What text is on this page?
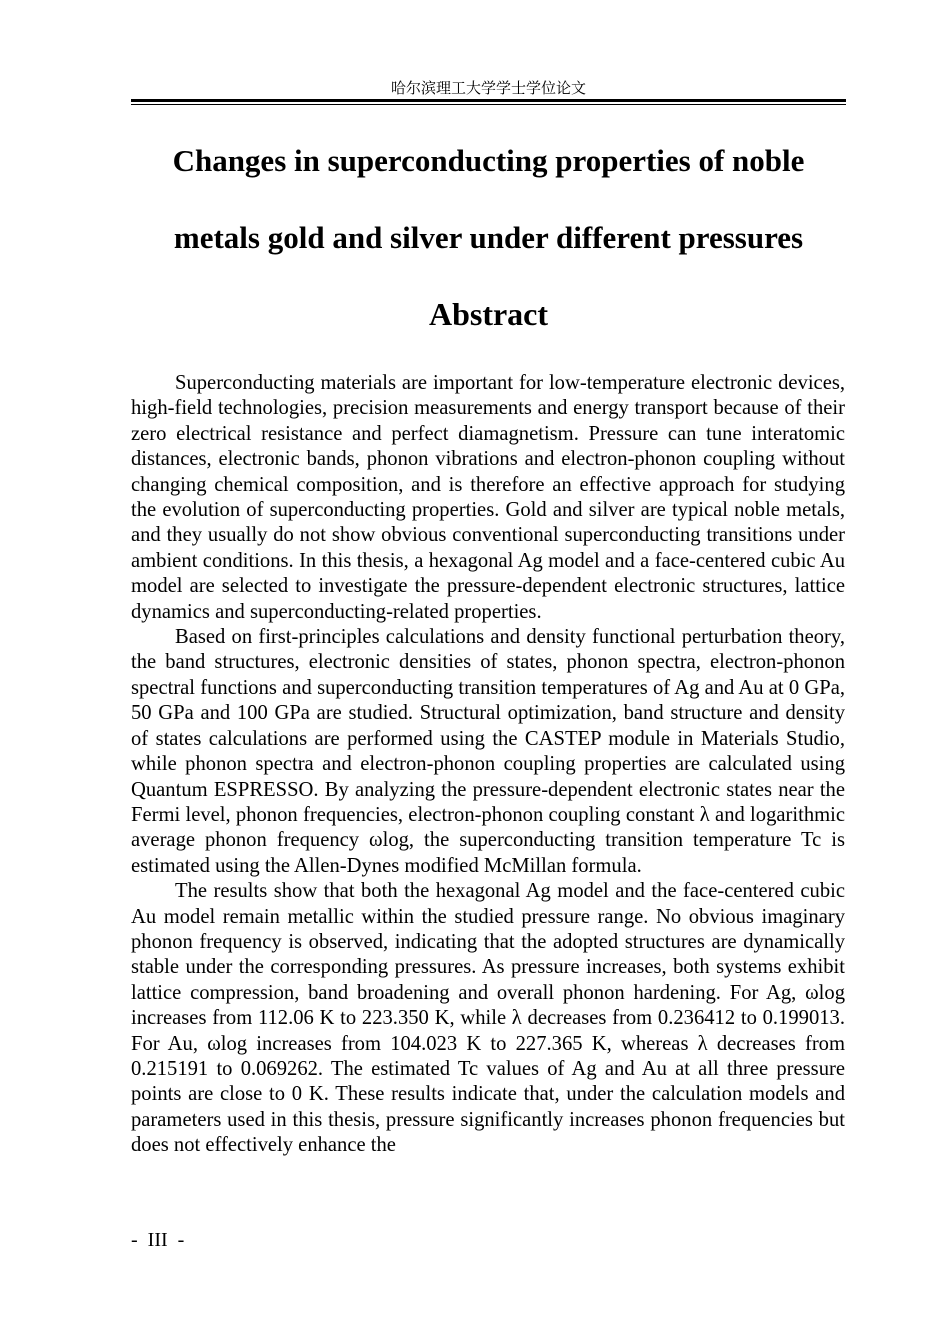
哈尔滨理工大学学士学位论文
Changes in superconducting properties of noble
metals gold and silver under different pressures
Abstract

Superconducting materials are important for low-temperature electronic devices, high-field technologies, precision measurements and energy transport because of their zero electrical resistance and perfect diamagnetism. Pressure can tune interatomic distances, electronic bands, phonon vibrations and electron-phonon coupling without changing chemical composition, and is therefore an effective approach for studying the evolution of superconducting properties. Gold and silver are typical noble metals, and they usually do not show obvious conventional superconducting transitions under ambient conditions. In this thesis, a hexagonal Ag model and a face-centered cubic Au model are selected to investigate the pressure-dependent electronic structures, lattice dynamics and superconducting-related properties.

Based on first-principles calculations and density functional perturbation theory, the band structures, electronic densities of states, phonon spectra, electron-phonon spectral functions and superconducting transition temperatures of Ag and Au at 0 GPa, 50 GPa and 100 GPa are studied. Structural optimization, band structure and density of states calculations are performed using the CASTEP module in Materials Studio, while phonon spectra and electron-phonon coupling properties are calculated using Quantum ESPRESSO. By analyzing the pressure-dependent electronic states near the Fermi level, phonon frequencies, electron-phonon coupling constant λ and logarithmic average phonon frequency ωlog, the superconducting transition temperature Tc is estimated using the Allen-Dynes modified McMillan formula.

The results show that both the hexagonal Ag model and the face-centered cubic Au model remain metallic within the studied pressure range. No obvious imaginary phonon frequency is observed, indicating that the adopted structures are dynamically stable under the corresponding pressures. As pressure increases, both systems exhibit lattice compression, band broadening and overall phonon hardening. For Ag, ωlog increases from 112.06 K to 223.350 K, while λ decreases from 0.236412 to 0.199013. For Au, ωlog increases from 104.023 K to 227.365 K, whereas λ decreases from 0.215191 to 0.069262. The estimated Tc values of Ag and Au at all three pressure points are close to 0 K. These results indicate that, under the calculation models and parameters used in this thesis, pressure significantly increases phonon frequencies but does not effectively enhance the

-  III  -
